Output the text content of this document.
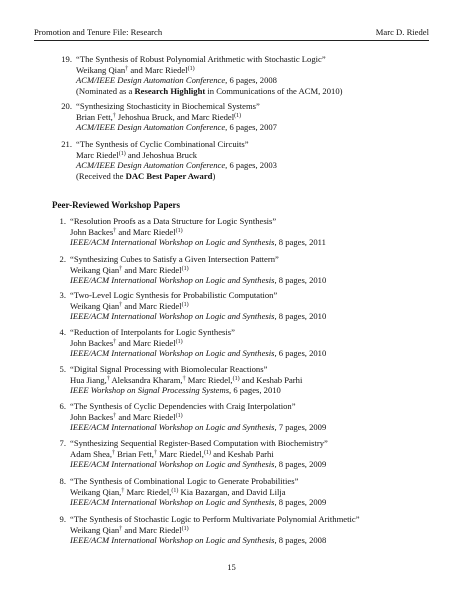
Promotion and Tenure File: Research	Marc D. Riedel
19. “The Synthesis of Robust Polynomial Arithmetic with Stochastic Logic”
Weikang Qian† and Marc Riedel$^{(1)}$
ACM/IEEE Design Automation Conference, 6 pages, 2008
(Nominated as a Research Highlight in Communications of the ACM, 2010)
20. “Synthesizing Stochasticity in Biochemical Systems”
Brian Fett,† Jehoshua Bruck, and Marc Riedel$^{(1)}$
ACM/IEEE Design Automation Conference, 6 pages, 2007
21. “The Synthesis of Cyclic Combinational Circuits”
Marc Riedel$^{(1)}$ and Jehoshua Bruck
ACM/IEEE Design Automation Conference, 6 pages, 2003
(Received the DAC Best Paper Award)
Peer-Reviewed Workshop Papers
1. “Resolution Proofs as a Data Structure for Logic Synthesis”
John Backes† and Marc Riedel$^{(1)}$
IEEE/ACM International Workshop on Logic and Synthesis, 8 pages, 2011
2. “Synthesizing Cubes to Satisfy a Given Intersection Pattern”
Weikang Qian† and Marc Riedel$^{(1)}$
IEEE/ACM International Workshop on Logic and Synthesis, 8 pages, 2010
3. “Two-Level Logic Synthesis for Probabilistic Computation”
Weikang Qian† and Marc Riedel$^{(1)}$
IEEE/ACM International Workshop on Logic and Synthesis, 8 pages, 2010
4. “Reduction of Interpolants for Logic Synthesis”
John Backes† and Marc Riedel$^{(1)}$
IEEE/ACM International Workshop on Logic and Synthesis, 6 pages, 2010
5. “Digital Signal Processing with Biomolecular Reactions”
Hua Jiang,† Aleksandra Kharam,† Marc Riedel,$^{(1)}$ and Keshab Parhi
IEEE Workshop on Signal Processing Systems, 6 pages, 2010
6. “The Synthesis of Cyclic Dependencies with Craig Interpolation”
John Backes† and Marc Riedel$^{(1)}$
IEEE/ACM International Workshop on Logic and Synthesis, 7 pages, 2009
7. “Synthesizing Sequential Register-Based Computation with Biochemistry”
Adam Shea,† Brian Fett,† Marc Riedel,$^{(1)}$ and Keshab Parhi
IEEE/ACM International Workshop on Logic and Synthesis, 8 pages, 2009
8. “The Synthesis of Combinational Logic to Generate Probabilities”
Weikang Qian,† Marc Riedel,$^{(1)}$ Kia Bazargan, and David Lilja
IEEE/ACM International Workshop on Logic and Synthesis, 8 pages, 2009
9. “The Synthesis of Stochastic Logic to Perform Multivariate Polynomial Arithmetic”
Weikang Qian† and Marc Riedel$^{(1)}$
IEEE/ACM International Workshop on Logic and Synthesis, 8 pages, 2008
15
